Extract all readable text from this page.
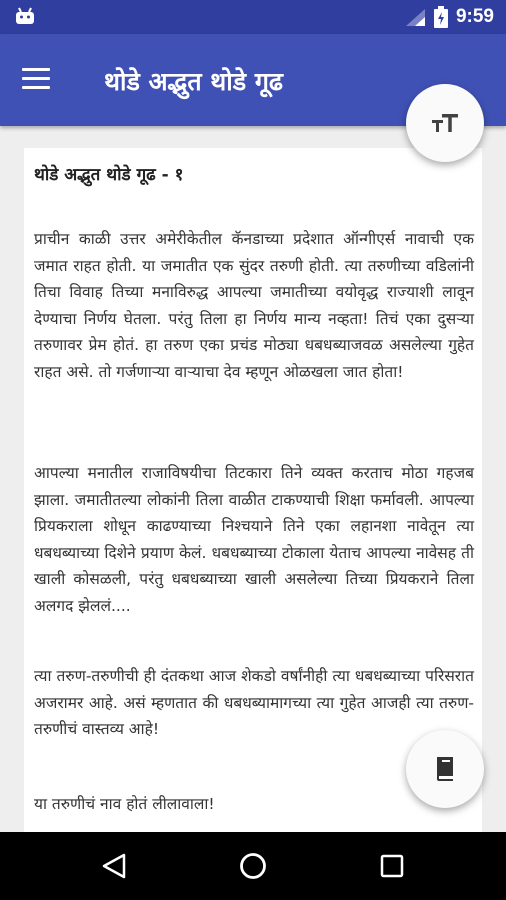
9:59
थोडे अद्भुत थोडे गूढ
थोडे अद्भुत थोडे गूढ - १

प्राचीन काळी उत्तर अमेरीकेतील कॅनडाच्या प्रदेशात ऑन्गीएर्स नावाची एक जमात राहत होती. या जमातीत एक सुंदर तरुणी होती. त्या तरुणीच्या वडिलांनी तिचा विवाह तिच्या मनाविरुद्ध आपल्या जमातीच्या वयोवृद्ध राज्याशी लावून देण्याचा निर्णय घेतला. परंतु तिला हा निर्णय मान्य नव्हता! तिचं एका दुसऱ्या तरुणावर प्रेम होतं. हा तरुण एका प्रचंड मोठ्या धबधब्याजवळ असलेल्या गुहेत राहत असे. तो गर्जणाऱ्या वाऱ्याचा देव म्हणून ओळखला जात होता!

आपल्या मनातील राजाविषयीचा तिटकारा तिने व्यक्त करताच मोठा गहजब झाला. जमातीतल्या लोकांनी तिला वाळीत टाकण्याची शिक्षा फर्मावली. आपल्या प्रियकराला शोधून काढण्याच्या निश्चयाने तिने एका लहानशा नावेतून त्या धबधब्याच्या दिशेने प्रयाण केलं. धबधब्याच्या टोकाला येताच आपल्या नावेसह ती खाली कोसळली, परंतु धबधब्याच्या खाली असलेल्या तिच्या प्रियकराने तिला अलगद झेललं....

त्या तरुण-तरुणीची ही दंतकथा आज शेकडो वर्षांनीही त्या धबधब्याच्या परिसरात अजरामर आहे. असं म्हणतात की धबधब्यामागच्या त्या गुहेत आजही त्या तरुण-तरुणीचं वास्तव्य आहे!

या तरुणीचं नाव होतं लीलावाला!
